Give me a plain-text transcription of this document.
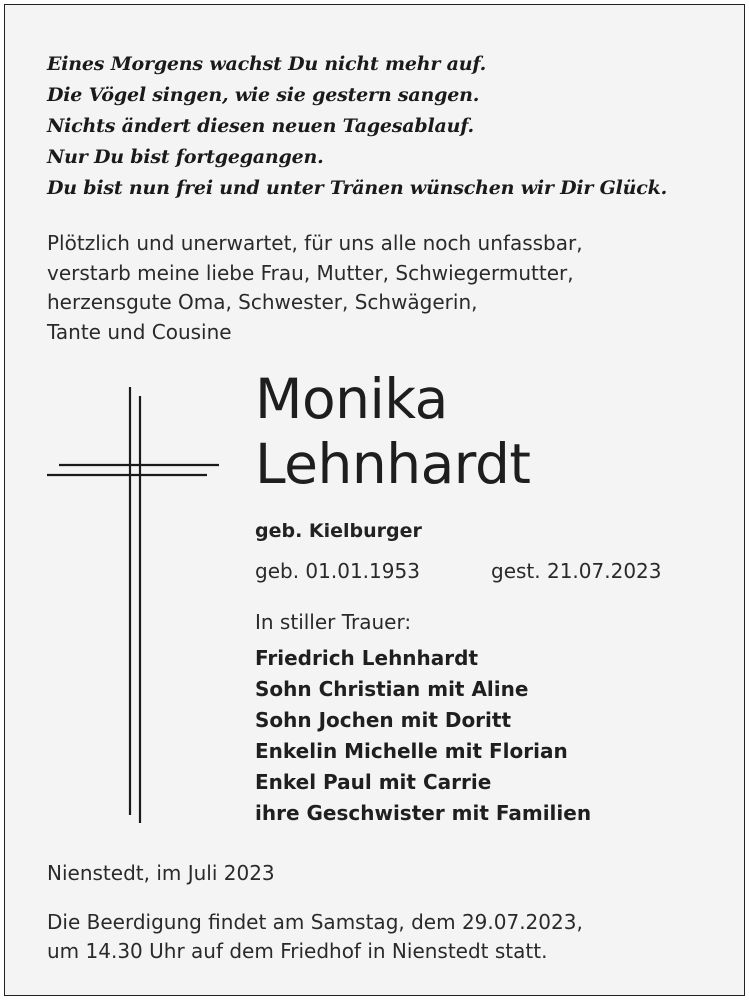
Eines Morgens wachst Du nicht mehr auf.
Die Vögel singen, wie sie gestern sangen.
Nichts ändert diesen neuen Tagesablauf.
Nur Du bist fortgegangen.
Du bist nun frei und unter Tränen wünschen wir Dir Glück.
Plötzlich und unerwartet, für uns alle noch unfassbar,
verstarb meine liebe Frau, Mutter, Schwiegermutter,
herzensgute Oma, Schwester, Schwägerin,
Tante und Cousine
Monika
Lehnhardt
geb. Kielburger
geb. 01.01.1953	gest. 21.07.2023
In stiller Trauer:
Friedrich Lehnhardt
Sohn Christian mit Aline
Sohn Jochen mit Doritt
Enkelin Michelle mit Florian
Enkel Paul mit Carrie
ihre Geschwister mit Familien
Nienstedt, im Juli 2023
Die Beerdigung findet am Samstag, dem 29.07.2023,
um 14.30 Uhr auf dem Friedhof in Nienstedt statt.
